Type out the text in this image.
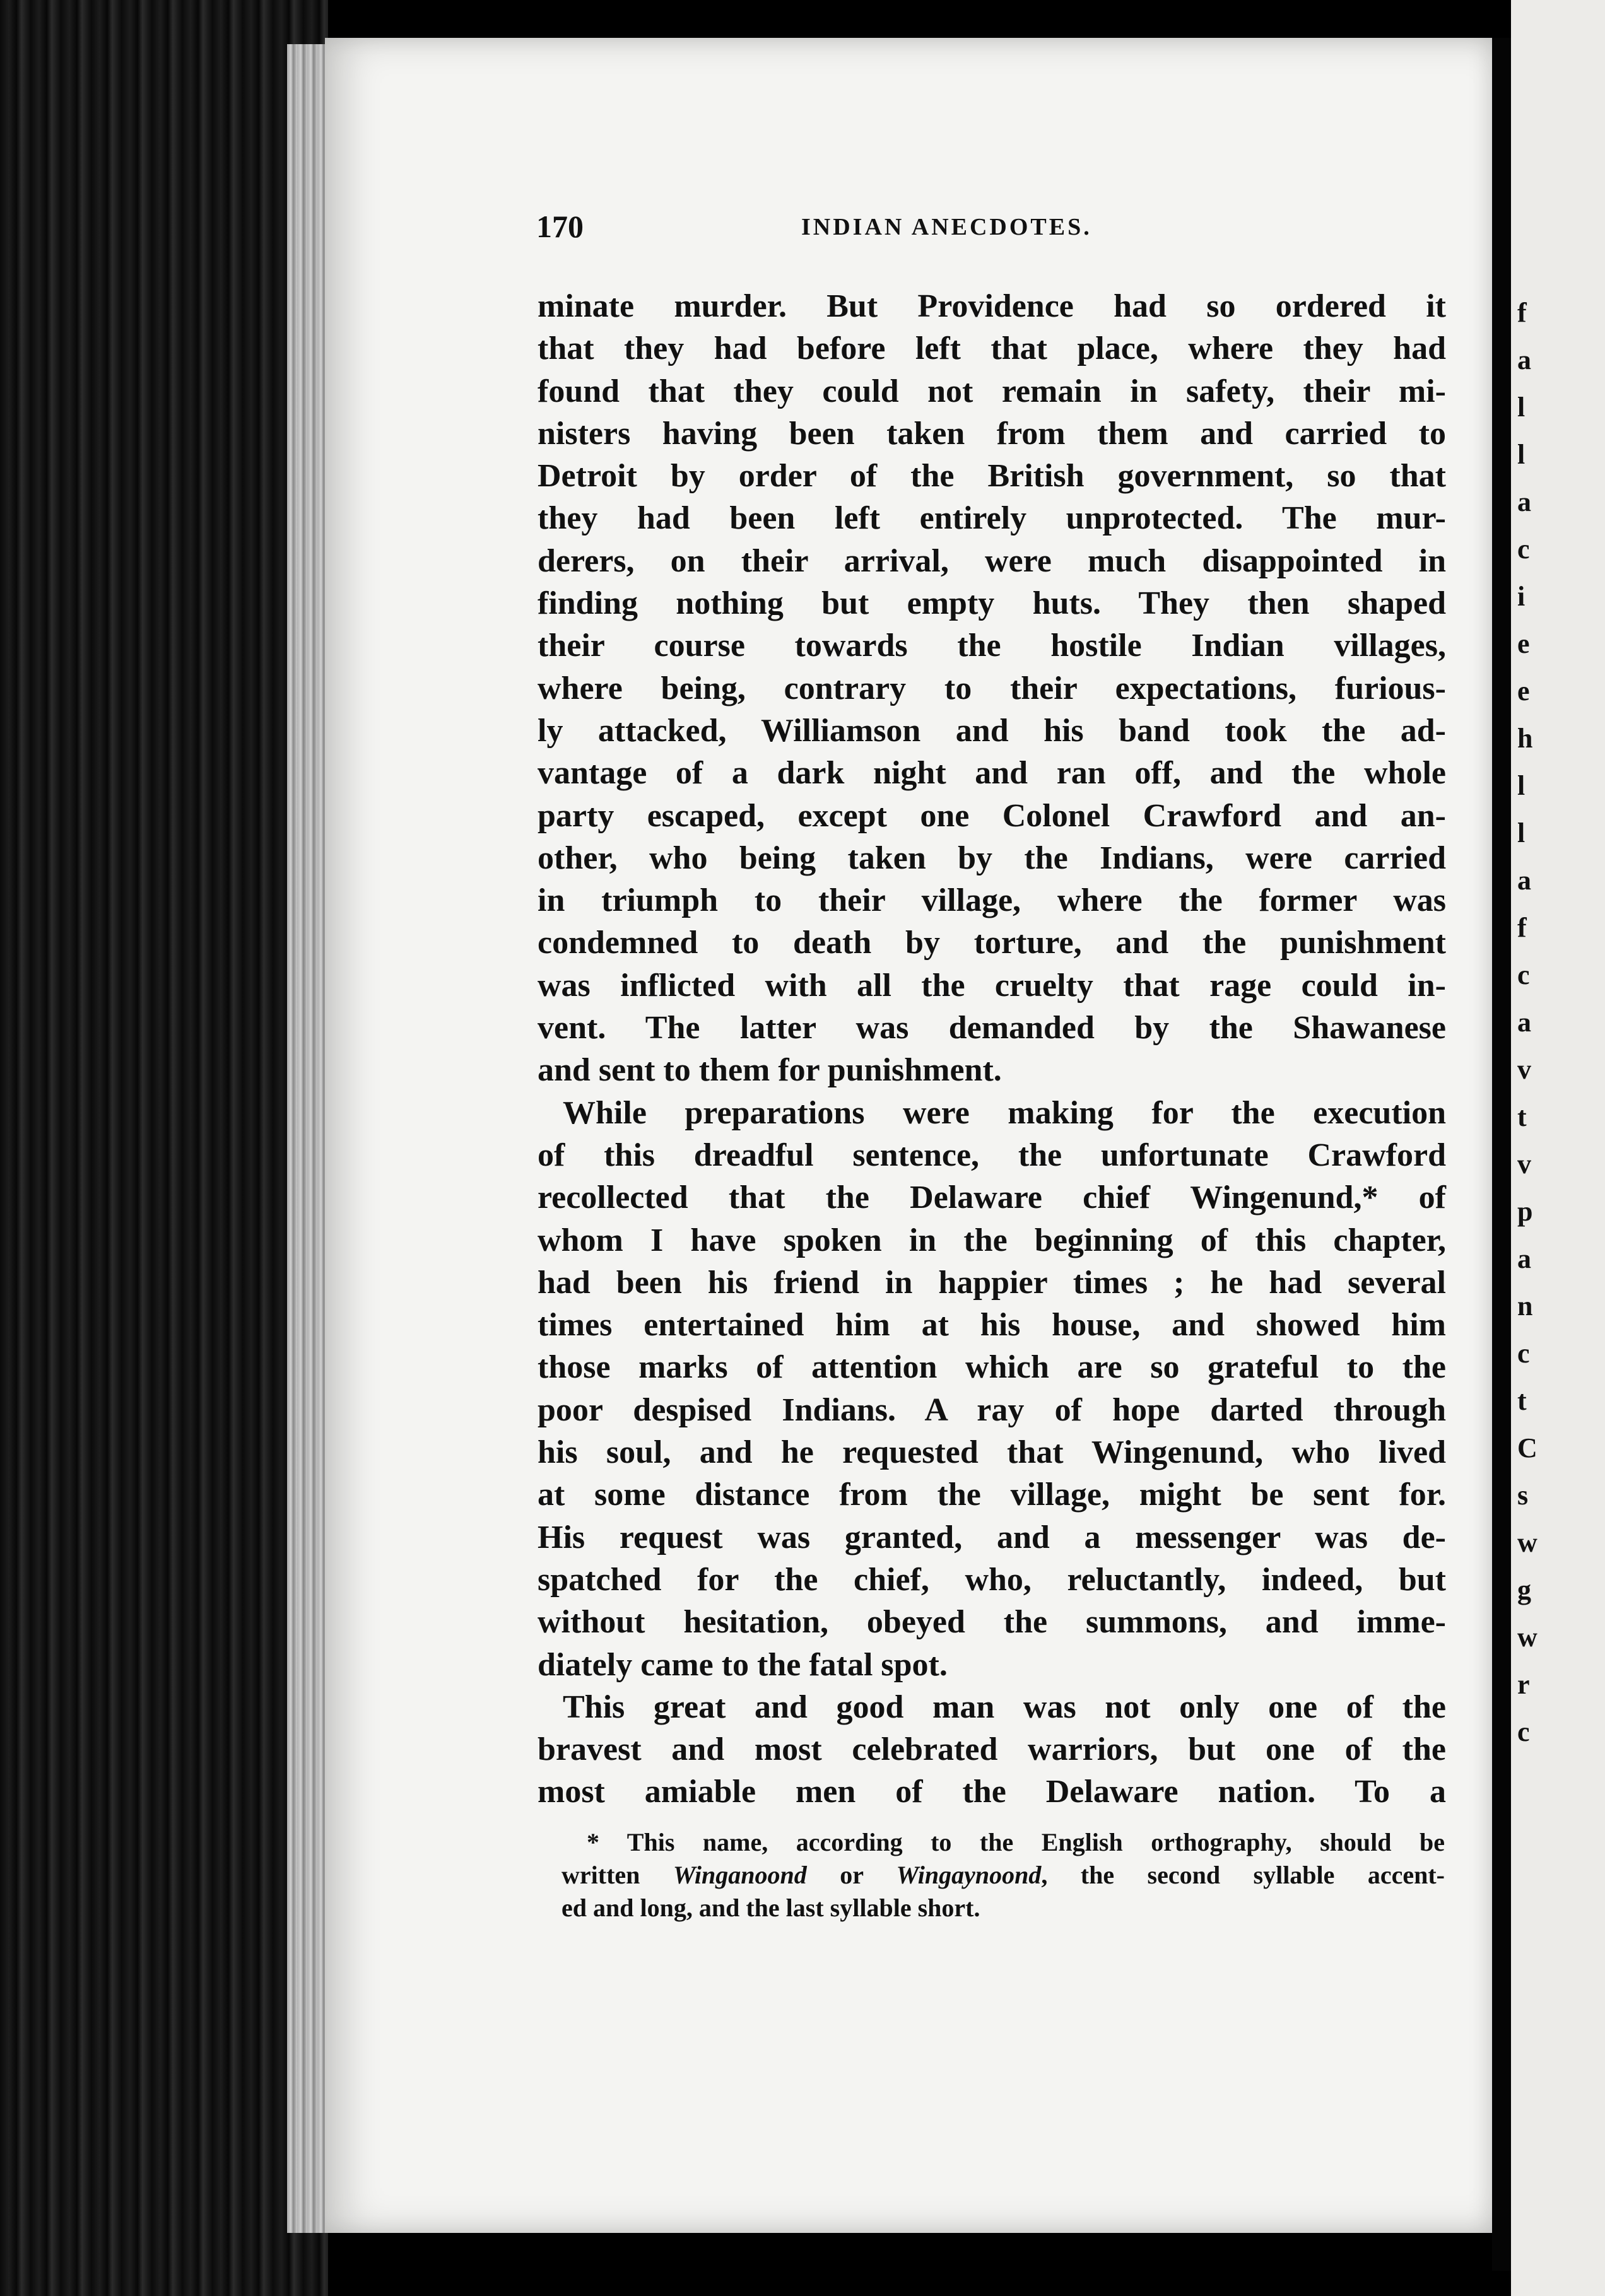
170	INDIAN ANECDOTES.
minate murder. But Providence had so ordered it
that they had before left that place, where they had
found that they could not remain in safety, their mi-
nisters having been taken from them and carried to
Detroit by order of the British government, so that
they had been left entirely unprotected. The mur-
derers, on their arrival, were much disappointed in
finding nothing but empty huts. They then shaped
their course towards the hostile Indian villages,
where being, contrary to their expectations, furious-
ly attacked, Williamson and his band took the ad-
vantage of a dark night and ran off, and the whole
party escaped, except one Colonel Crawford and an-
other, who being taken by the Indians, were carried
in triumph to their village, where the former was
condemned to death by torture, and the punishment
was inflicted with all the cruelty that rage could in-
vent. The latter was demanded by the Shawanese
and sent to them for punishment.
While preparations were making for the execution
of this dreadful sentence, the unfortunate Crawford
recollected that the Delaware chief Wingenund,* of
whom I have spoken in the beginning of this chapter,
had been his friend in happier times ; he had several
times entertained him at his house, and showed him
those marks of attention which are so grateful to the
poor despised Indians. A ray of hope darted through
his soul, and he requested that Wingenund, who lived
at some distance from the village, might be sent for.
His request was granted, and a messenger was de-
spatched for the chief, who, reluctantly, indeed, but
without hesitation, obeyed the summons, and imme-
diately came to the fatal spot.
This great and good man was not only one of the
bravest and most celebrated warriors, but one of the
most amiable men of the Delaware nation. To a
* This name, according to the English orthography, should be
written Winganoond or Wingaynoond, the second syllable accent-
ed and long, and the last syllable short.
f
a
l
l
a
c
i
e
e
h
l
l
a
f
c
a
v
t
v
p
a
n
c
t
C
s
w
g
w
r
c
